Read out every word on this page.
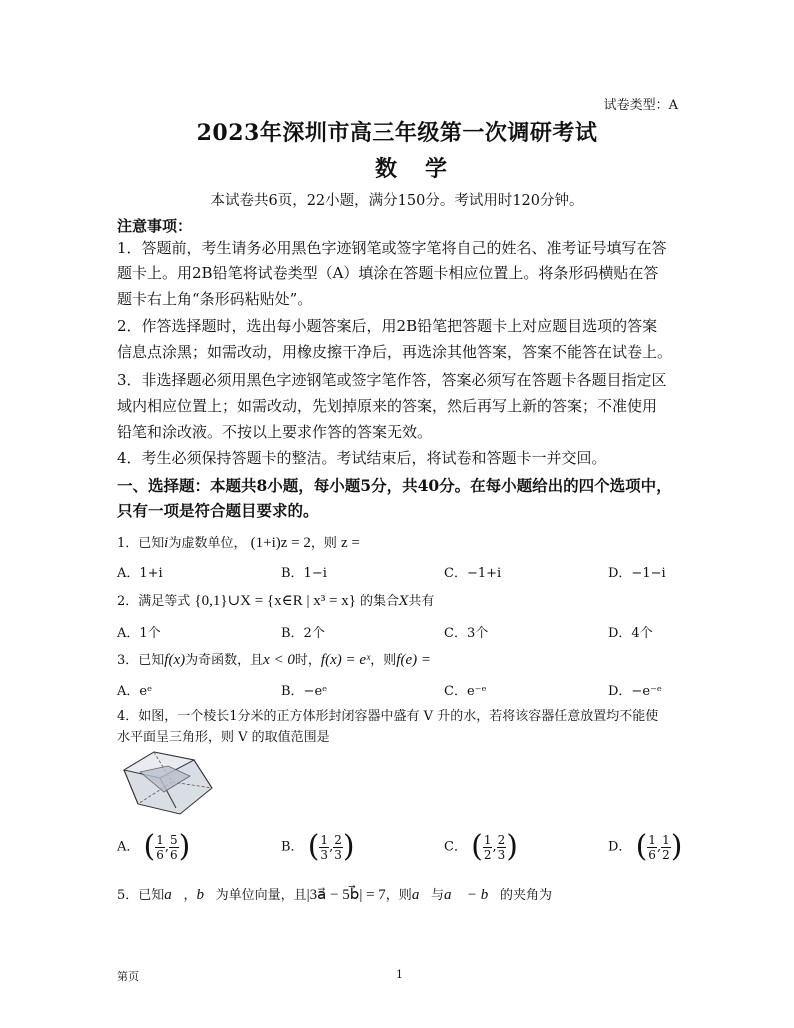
试卷类型：A
2023年深圳市高三年级第一次调研考试
数学
本试卷共6页，22小题，满分150分。考试用时120分钟。
注意事项：
1．答题前，考生请务必用黑色字迹钢笔或签字笔将自己的姓名、准考证号填写在答
题卡上。用2B铅笔将试卷类型（A）填涂在答题卡相应位置上。将条形码横贴在答
题卡右上角“条形码粘贴处”。
2．作答选择题时，选出每小题答案后，用2B铅笔把答题卡上对应题目选项的答案
信息点涂黑；如需改动，用橡皮擦干净后，再选涂其他答案，答案不能答在试卷上。
3．非选择题必须用黑色字迹钢笔或签字笔作答，答案必须写在答题卡各题目指定区
域内相应位置上；如需改动，先划掉原来的答案，然后再写上新的答案；不准使用
铅笔和涂改液。不按以上要求作答的答案无效。
4．考生必须保持答题卡的整洁。考试结束后，将试卷和答题卡一并交回。
一、选择题：本题共8小题，每小题5分，共40分。在每小题给出的四个选项中，
只有一项是符合题目要求的。
1．已知i为虚数单位， (1+i)z = 2，则 z =
A．1+i	B．1−i	C．−1+i	D．−1−i
2．满足等式 {0,1}∪X = {x∈R | x³ = x} 的集合X共有
A．1个	B．2个	C．3个	D．4个
3．已知f(x)为奇函数，且x < 0时，f(x) = eˣ，则f(e) =
A．eᵉ	B．−eᵉ	C．e⁻ᵉ	D．−e⁻ᵉ
4．如图，一个棱长1分米的正方体形封闭容器中盛有 V 升的水，若将该容器任意放置均不能使
水平面呈三角形，则 V 的取值范围是
A． ( $\frac{1}{6}$ , $\frac{5}{6}$ )	B． ( $\frac{1}{3}$ , $\frac{2}{3}$ )	C． ( $\frac{1}{2}$ , $\frac{2}{3}$ )	D． ( $\frac{1}{6}$ , $\frac{1}{2}$ )
5．已知a⃗，b⃗为单位向量，且|3a⃗ − 5b⃗| = 7，则a⃗与a⃗ − b⃗的夹角为
第页	1
